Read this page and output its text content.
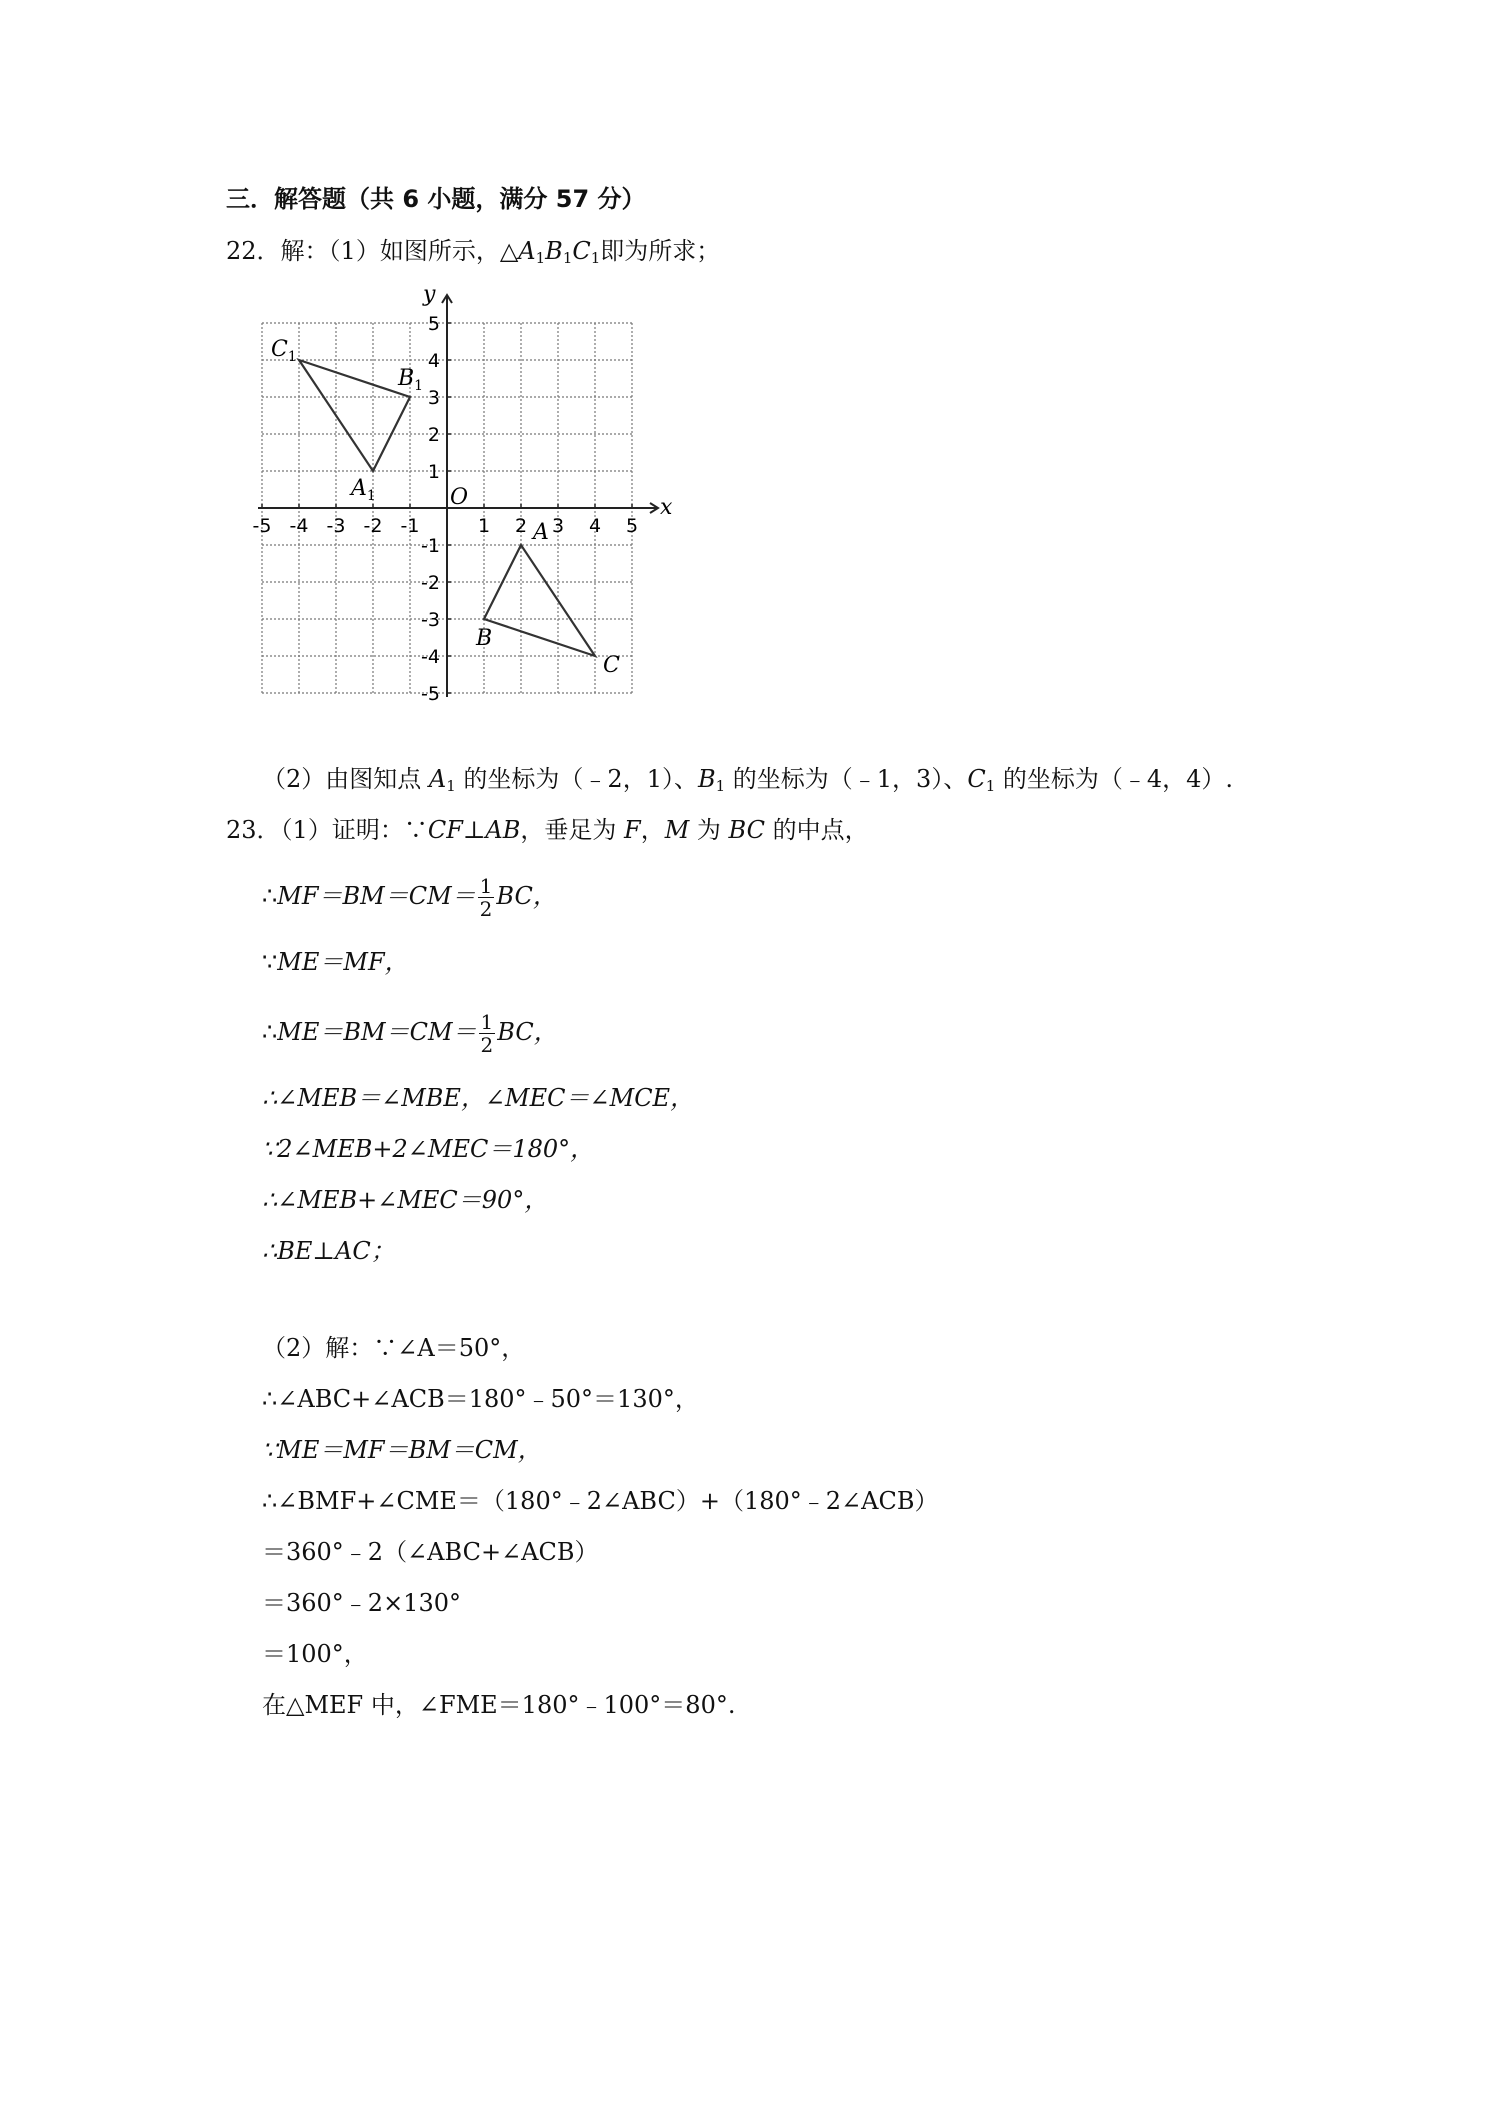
三．解答题（共 6 小题，满分 57 分）
22．解：（1）如图所示，$\triangle A_1B_1C_1$即为所求；
x
y
O
-5 -4 -3 -2 -1	1 2 3 4 5
5
4
3
2
1
-1
-2
-3
-4
-5
A
B
C
$A_1$
$B_1$
$C_1$
（2）由图知点 $A_1$ 的坐标为（﹣2，1）、$B_1$ 的坐标为（﹣1，3）、$C_1$ 的坐标为（﹣4，4）.
23．（1）证明：∵CF⊥AB，垂足为 F，M 为 BC 的中点，
∴MF＝BM＝CM＝ $\frac{1}{2}$ BC，
∵ME＝MF，
∴ME＝BM＝CM＝ $\frac{1}{2}$ BC，
∴∠MEB＝∠MBE，∠MEC＝∠MCE，
∵2∠MEB+2∠MEC＝180°，
∴∠MEB+∠MEC＝90°，
∴BE⊥AC；
（2）解：∵∠A＝50°，
∴∠ABC+∠ACB＝180°﹣50°＝130°，
∵ME＝MF＝BM＝CM，
∴∠BMF+∠CME＝（180°﹣2∠ABC）+（180°﹣2∠ACB）
＝360°﹣2（∠ABC+∠ACB）
＝360°﹣2×130°
＝100°，
在△MEF 中，∠FME＝180°﹣100°＝80°.
